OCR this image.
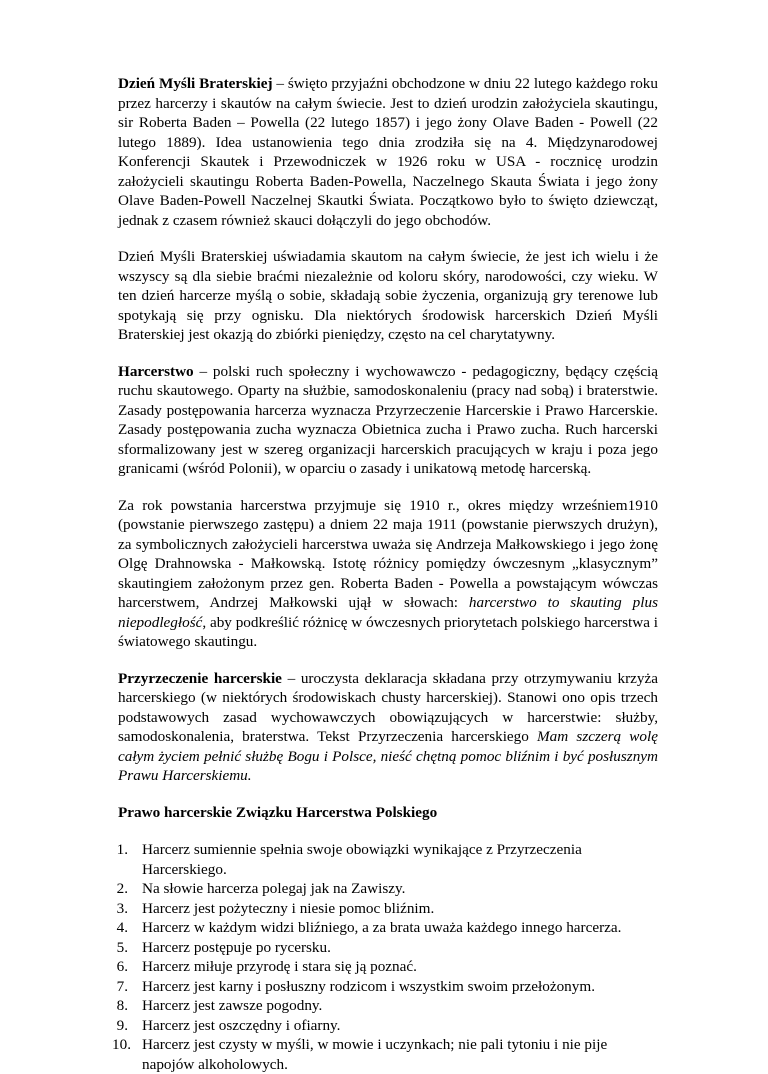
Dzień Myśli Braterskiej – święto przyjaźni obchodzone w dniu 22 lutego każdego roku przez harcerzy i skautów na całym świecie. Jest to dzień urodzin założyciela skautingu, sir Roberta Baden – Powella (22 lutego 1857) i jego żony Olave Baden - Powell (22 lutego 1889). Idea ustanowienia tego dnia zrodziła się na 4. Międzynarodowej Konferencji Skautek i Przewodniczek w 1926 roku w USA - rocznicę urodzin założycieli skautingu Roberta Baden-Powella, Naczelnego Skauta Świata i jego żony Olave Baden-Powell Naczelnej Skautki Świata. Początkowo było to święto dziewcząt, jednak z czasem również skauci dołączyli do jego obchodów.

Dzień Myśli Braterskiej uświadamia skautom na całym świecie, że jest ich wielu i że wszyscy są dla siebie braćmi niezależnie od koloru skóry, narodowości, czy wieku. W ten dzień harcerze myślą o sobie, składają sobie życzenia, organizują gry terenowe lub spotykają się przy ognisku. Dla niektórych środowisk harcerskich Dzień Myśli Braterskiej jest okazją do zbiórki pieniędzy, często na cel charytatywny.

Harcerstwo – polski ruch społeczny i wychowawczo - pedagogiczny, będący częścią ruchu skautowego. Oparty na służbie, samodoskonaleniu (pracy nad sobą) i braterstwie. Zasady postępowania harcerza wyznacza Przyrzeczenie Harcerskie i Prawo Harcerskie. Zasady postępowania zucha wyznacza Obietnica zucha i Prawo zucha. Ruch harcerski sformalizowany jest w szereg organizacji harcerskich pracujących w kraju i poza jego granicami (wśród Polonii), w oparciu o zasady i unikatową metodę harcerską.

Za rok powstania harcerstwa przyjmuje się 1910 r., okres między wrześniem1910 (powstanie pierwszego zastępu) a dniem 22 maja 1911 (powstanie pierwszych drużyn), za symbolicznych założycieli harcerstwa uważa się Andrzeja Małkowskiego i jego żonę Olgę Drahnowska - Małkowską. Istotę różnicy pomiędzy ówczesnym „klasycznym” skautingiem założonym przez gen. Roberta Baden - Powella a powstającym wówczas harcerstwem, Andrzej Małkowski ujął w słowach: harcerstwo to skauting plus niepodległość, aby podkreślić różnicę w ówczesnych priorytetach polskiego harcerstwa i światowego skautingu.

Przyrzeczenie harcerskie – uroczysta deklaracja składana przy otrzymywaniu krzyża harcerskiego (w niektórych środowiskach chusty harcerskiej). Stanowi ono opis trzech podstawowych zasad wychowawczych obowiązujących w harcerstwie: służby, samodoskonalenia, braterstwa. Tekst Przyrzeczenia harcerskiego Mam szczerą wolę całym życiem pełnić służbę Bogu i Polsce, nieść chętną pomoc bliźnim i być posłusznym Prawu Harcerskiemu.

Prawo harcerskie Związku Harcerstwa Polskiego

1. Harcerz sumiennie spełnia swoje obowiązki wynikające z Przyrzeczenia Harcerskiego.
2. Na słowie harcerza polegaj jak na Zawiszy.
3. Harcerz jest pożyteczny i niesie pomoc bliźnim.
4. Harcerz w każdym widzi bliźniego, a za brata uważa każdego innego harcerza.
5. Harcerz postępuje po rycersku.
6. Harcerz miłuje przyrodę i stara się ją poznać.
7. Harcerz jest karny i posłuszny rodzicom i wszystkim swoim przełożonym.
8. Harcerz jest zawsze pogodny.
9. Harcerz jest oszczędny i ofiarny.
10. Harcerz jest czysty w myśli, w mowie i uczynkach; nie pali tytoniu i nie pije napojów alkoholowych.
